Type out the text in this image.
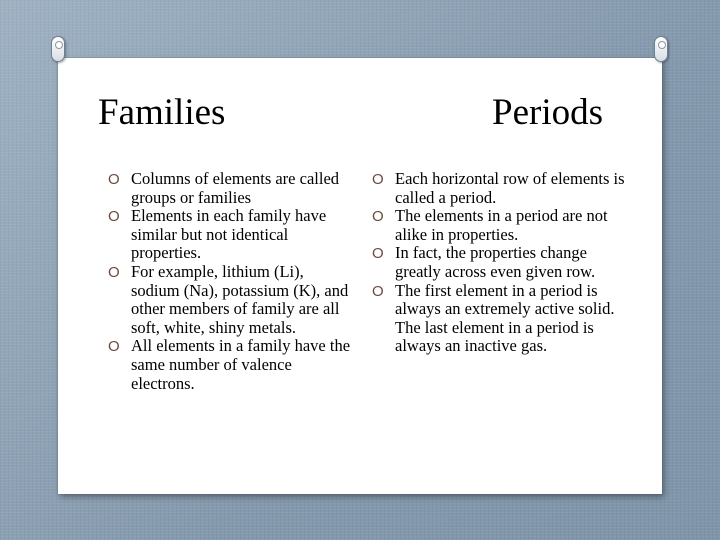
Families	Periods
O Columns of elements are called groups or families
O Elements in each family have similar but not identical properties.
O For example, lithium (Li), sodium (Na), potassium (K), and other members of family are all soft, white, shiny metals.
O All elements in a family have the same number of valence electrons.
O Each horizontal row of elements is called a period.
O The elements in a period are not alike in properties.
O In fact, the properties change greatly across even given row.
O The first element in a period is always an extremely active solid. The last element in a period is always an inactive gas.
